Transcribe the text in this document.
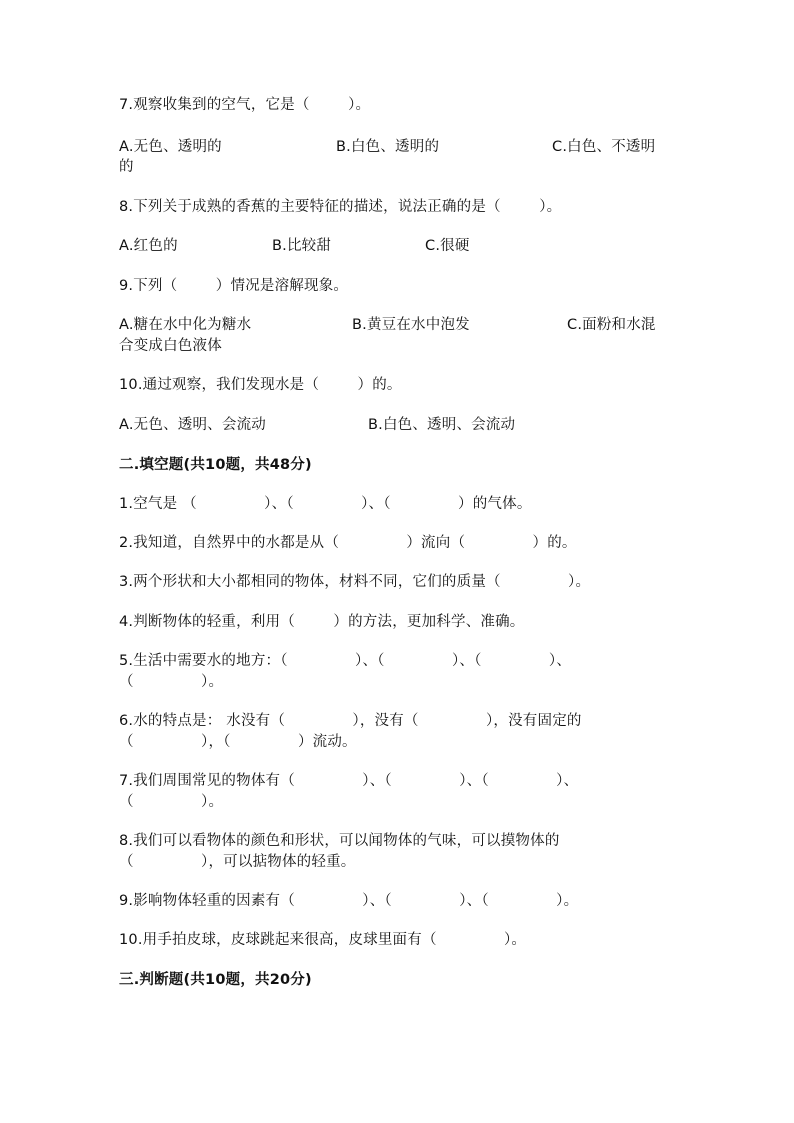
7.观察收集到的空气，它是（        ）。
A.无色、透明的	B.白色、透明的	C.白色、不透明
的
8.下列关于成熟的香蕉的主要特征的描述，说法正确的是（        ）。
A.红色的	B.比较甜	C.很硬
9.下列（        ）情况是溶解现象。
A.糖在水中化为糖水	B.黄豆在水中泡发	C.面粉和水混
合变成白色液体
10.通过观察，我们发现水是（        ）的。
A.无色、透明、会流动	B.白色、透明、会流动
二.填空题(共10题，共48分)
1.空气是 （              ）、（              ）、（              ）的气体。
2.我知道，自然界中的水都是从（              ）流向（              ）的。
3.两个形状和大小都相同的物体，材料不同，它们的质量（              ）。
4.判断物体的轻重，利用（        ）的方法，更加科学、准确。
5.生活中需要水的地方：（              ）、（              ）、（              ）、
（              ）。
6.水的特点是： 水没有（              ），没有（              ），没有固定的
（              ），（              ）流动。
7.我们周围常见的物体有（              ）、（              ）、（              ）、
（              ）。
8.我们可以看物体的颜色和形状，可以闻物体的气味，可以摸物体的
（              ），可以掂物体的轻重。
9.影响物体轻重的因素有（              ）、（              ）、（              ）。
10.用手拍皮球，皮球跳起来很高，皮球里面有（              ）。
三.判断题(共10题，共20分)
